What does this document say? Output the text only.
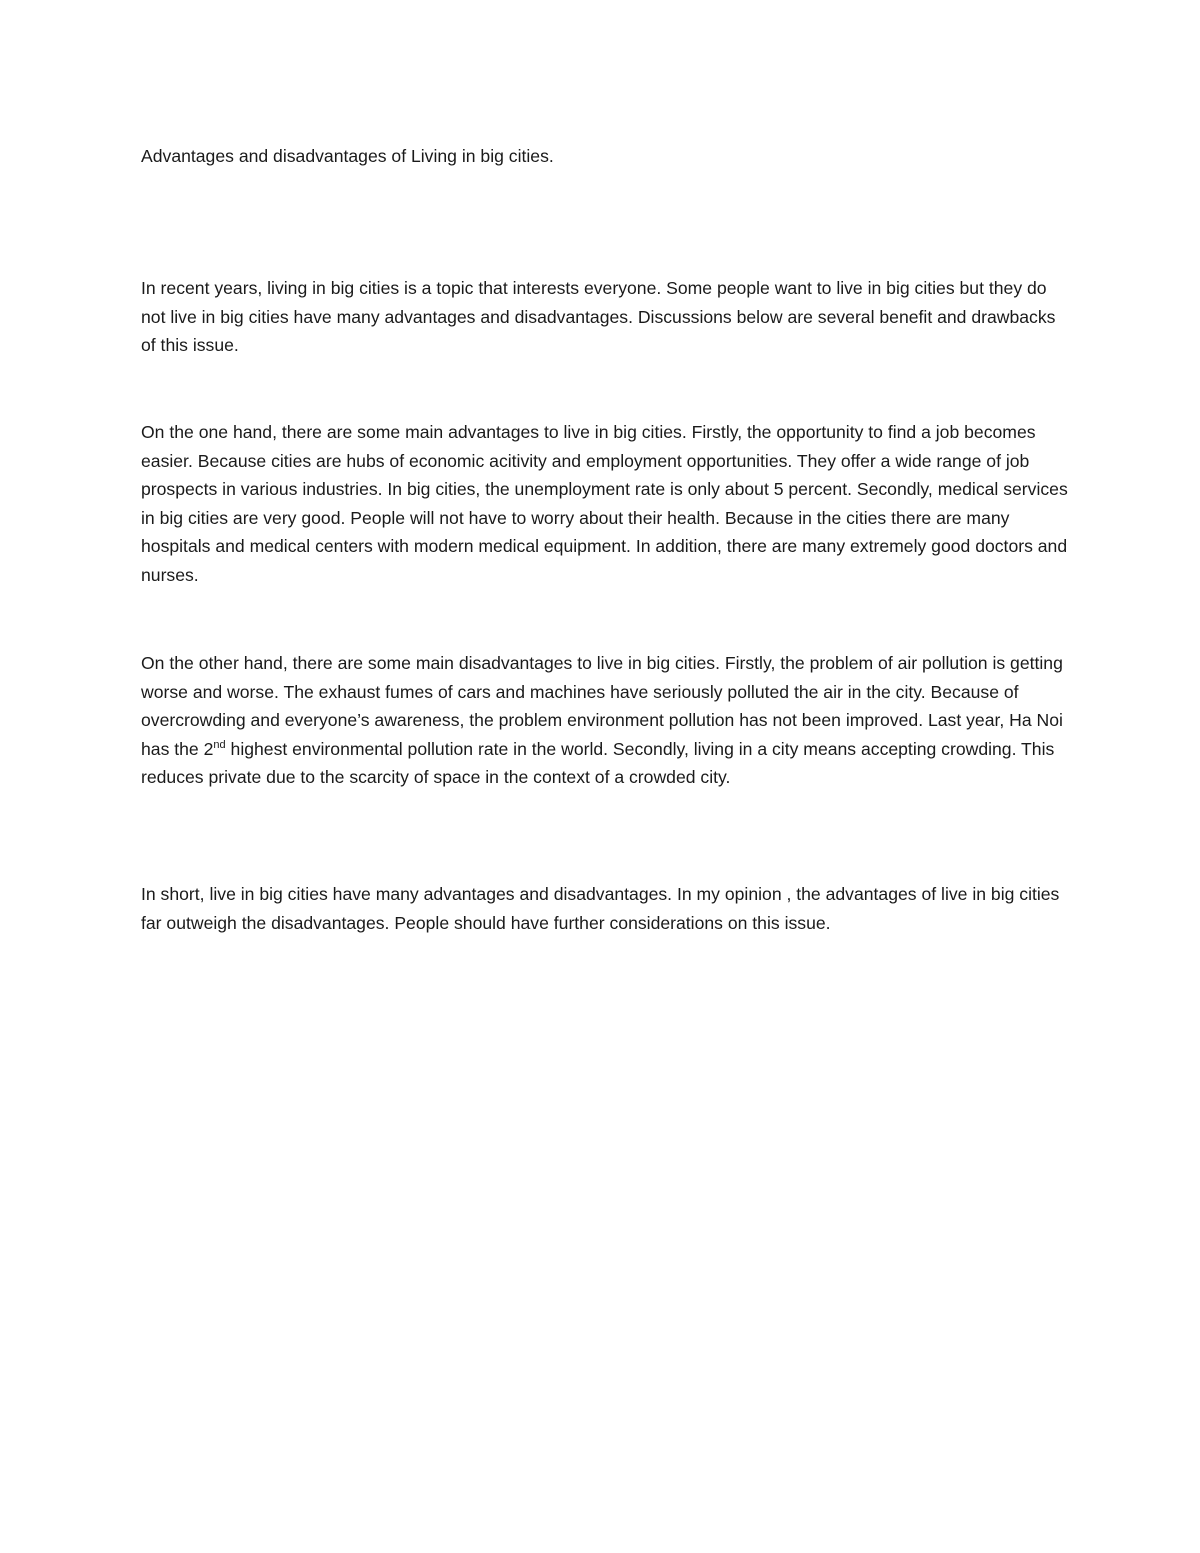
Advantages and disadvantages of Living in big cities.

In recent years, living in big cities is a topic that interests everyone. Some people want to live in big cities but they do not live in big cities have many advantages and disadvantages. Discussions below are several benefit and drawbacks of this issue.

On the one hand, there are some main advantages to live in big cities. Firstly, the opportunity to find a job becomes easier. Because cities are hubs of economic acitivity and employment opportunities. They offer a wide range of job prospects in various industries. In big cities, the unemployment rate is only about 5 percent. Secondly, medical services in big cities are very good. People will not have to worry about their health. Because in the cities there are many hospitals and medical centers with modern medical equipment. In addition, there are many extremely good doctors and nurses.

On the other hand, there are some main disadvantages to live in big cities. Firstly, the problem of air pollution is getting worse and worse. The exhaust fumes of cars and machines have seriously polluted the air in the city. Because of overcrowding and everyone’s awareness, the problem environment pollution has not been improved. Last year, Ha Noi has the 2nd highest environmental pollution rate in the world. Secondly, living in a city means accepting crowding. This reduces private due to the scarcity of space in the context of a crowded city.

In short, live in big cities have many advantages and disadvantages. In my opinion , the advantages of live in big cities far outweigh the disadvantages. People should have further considerations on this issue.
